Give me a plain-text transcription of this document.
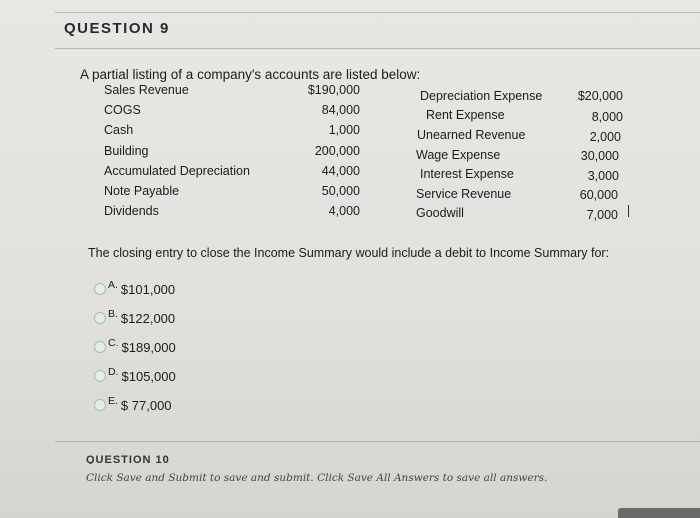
QUESTION 9
A partial listing of a company's accounts are listed below:
Sales Revenue	$190,000
COGS	84,000
Cash	1,000
Building	200,000
Accumulated Depreciation	44,000
Note Payable	50,000
Dividends	4,000
Depreciation Expense	$20,000
Rent Expense	8,000
Unearned Revenue	2,000
Wage Expense	30,000
Interest Expense	3,000
Service Revenue	60,000
Goodwill	7,000
The closing entry to close the Income Summary would include a debit to Income Summary for:
A. $101,000
B. $122,000
C. $189,000
D. $105,000
E. $ 77,000
QUESTION 10
Click Save and Submit to save and submit. Click Save All Answers to save all answers.
